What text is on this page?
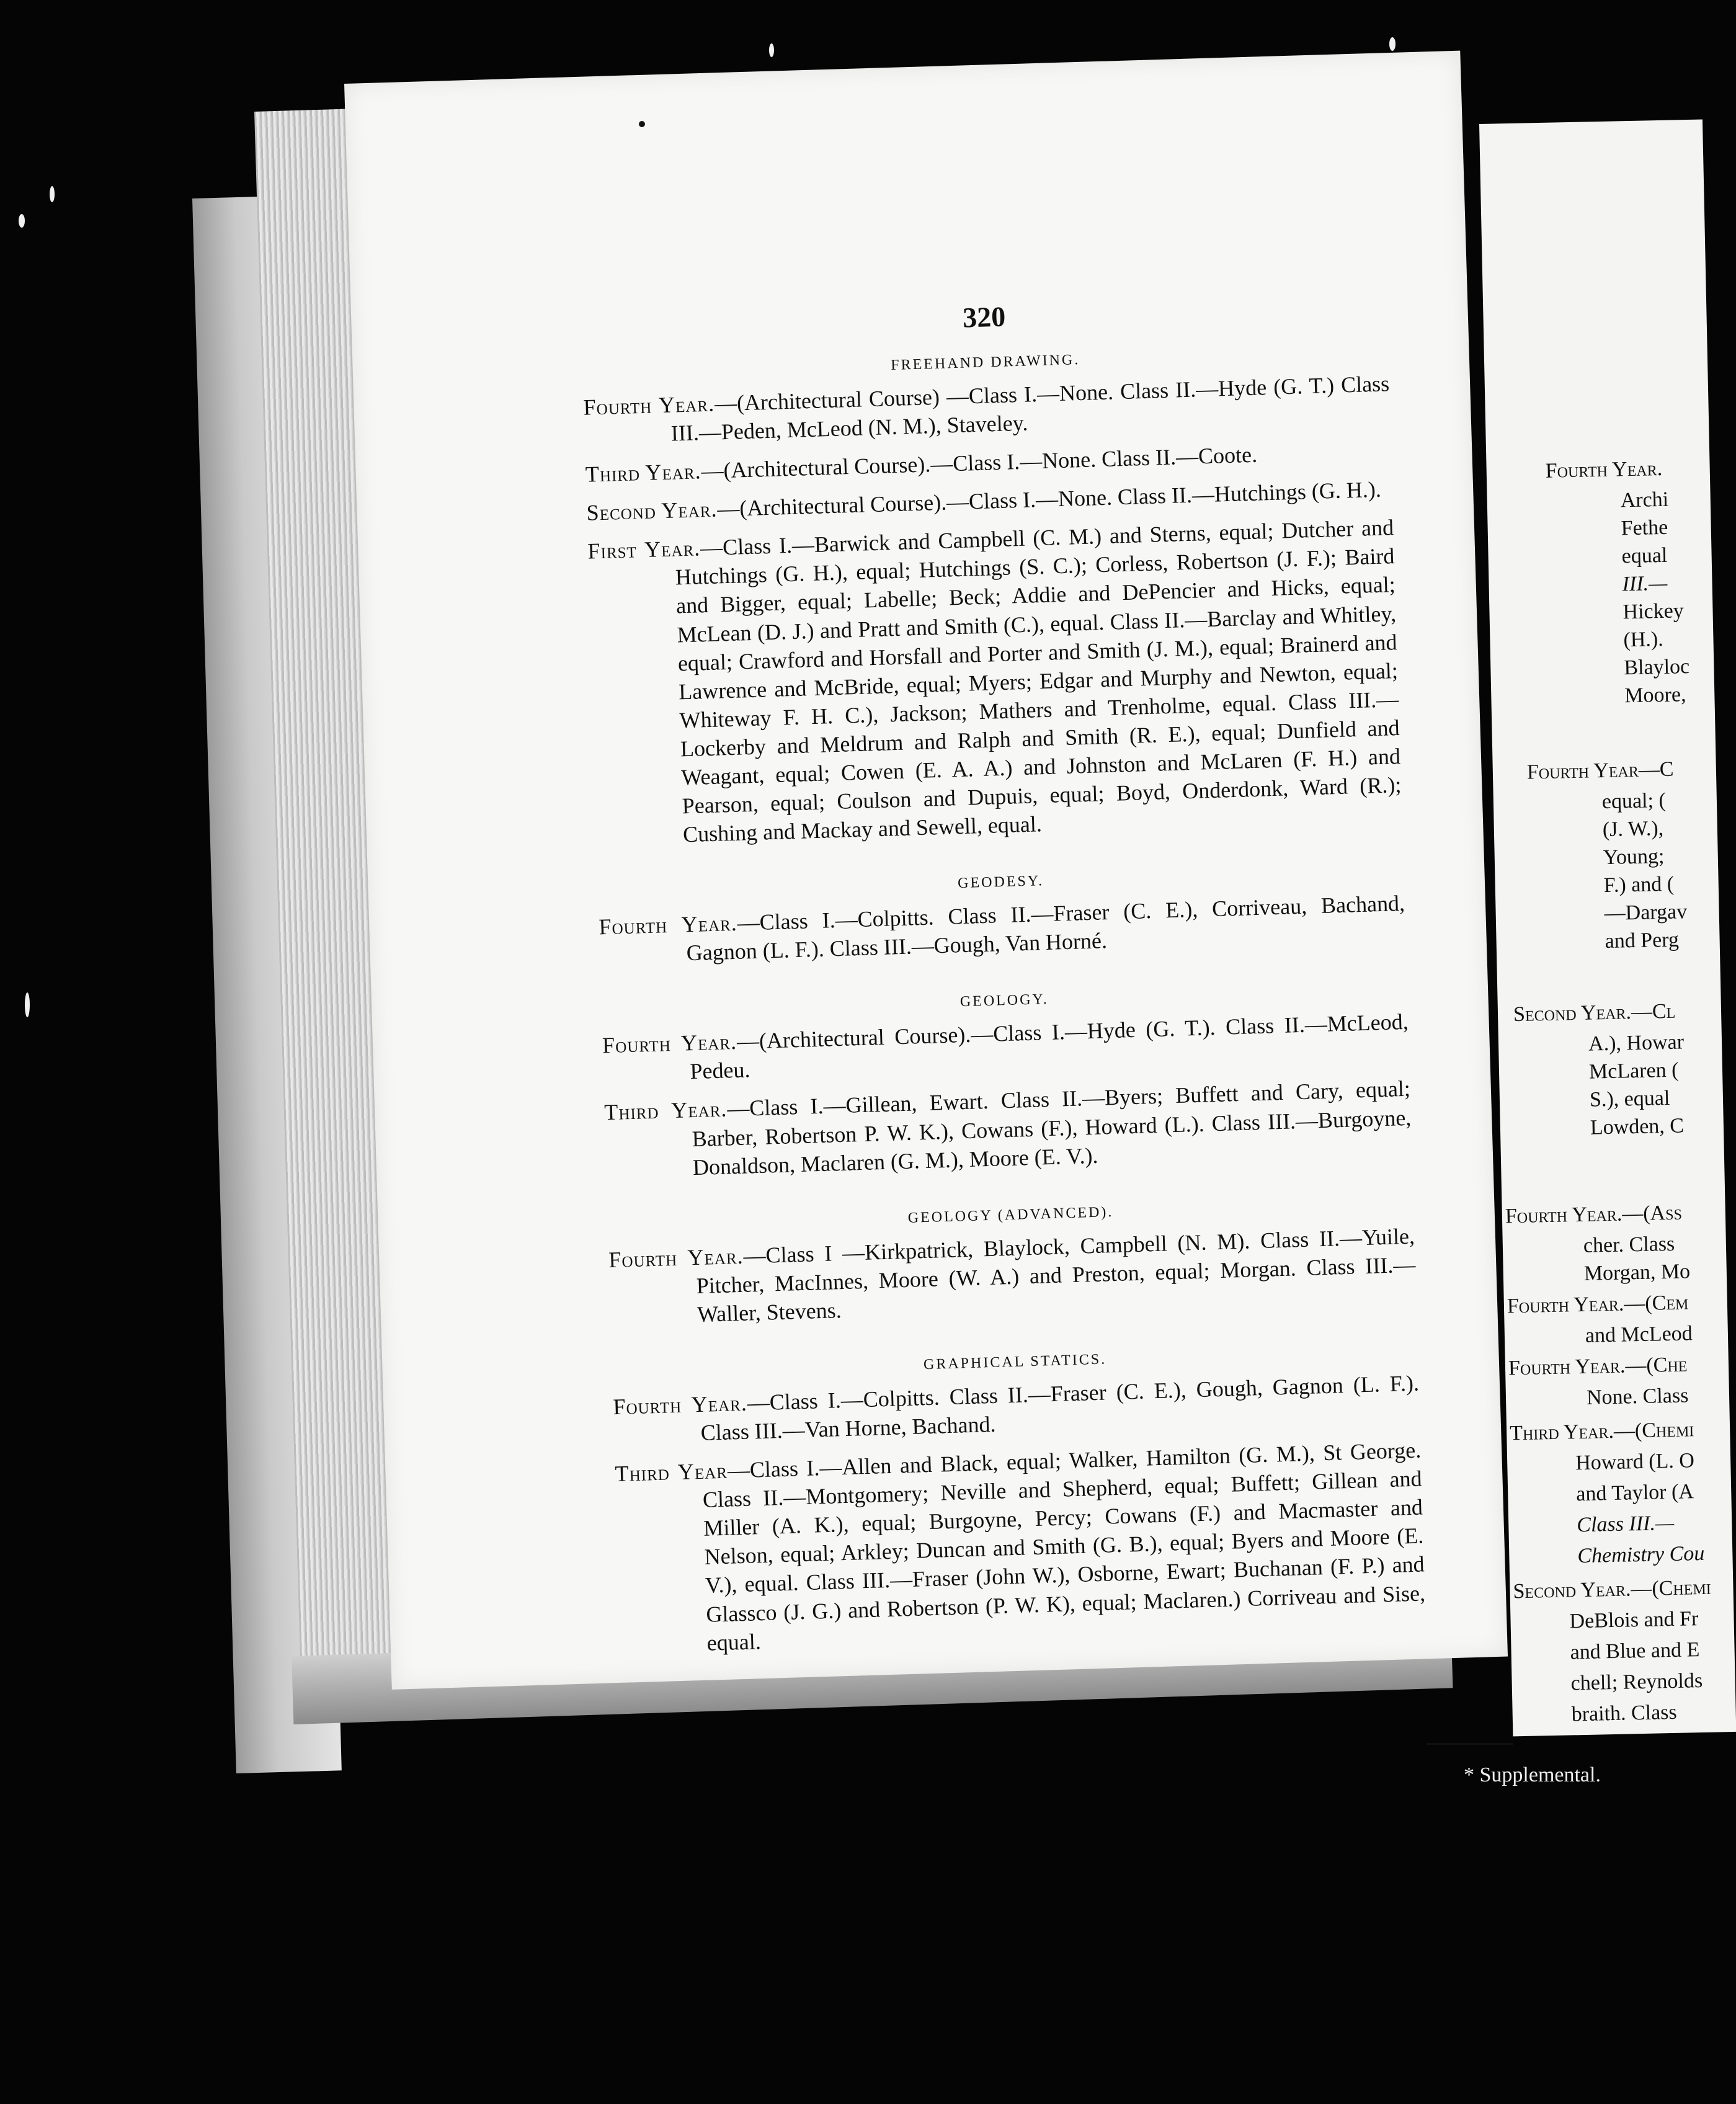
320
FREEHAND DRAWING.

Fourth Year.—(Architectural Course) —Class I.—None. Class II.—Hyde (G. T.) Class III.—Peden, McLeod (N. M.), Staveley.

Third Year.—(Architectural Course).—Class I.—None. Class II.—Coote.

Second Year.—(Architectural Course).—Class I.—None. Class II.—Hutchings (G. H.).

First Year.—Class I.—Barwick and Campbell (C. M.) and Sterns, equal; Dutcher and Hutchings (G. H.), equal; Hutchings (S. C.); Corless, Robertson (J. F.); Baird and Bigger, equal; Labelle; Beck; Addie and DePencier and Hicks, equal; McLean (D. J.) and Pratt and Smith (C.), equal. Class II.—Barclay and Whitley, equal; Crawford and Horsfall and Porter and Smith (J. M.), equal; Brainerd and Lawrence and McBride, equal; Myers; Edgar and Murphy and Newton, equal; Whiteway F. H. C.), Jackson; Mathers and Trenholme, equal. Class III.—Lockerby and Meldrum and Ralph and Smith (R. E.), equal; Dunfield and Weagant, equal; Cowen (E. A. A.) and Johnston and McLaren (F. H.) and Pearson, equal; Coulson and Dupuis, equal; Boyd, Onderdonk, Ward (R.); Cushing and Mackay and Sewell, equal.

GEODESY.

Fourth Year.—Class I.—Colpitts. Class II.—Fraser (C. E.), Corriveau, Bachand, Gagnon (L. F.). Class III.—Gough, Van Horné.

GEOLOGY.

Fourth Year.—(Architectural Course).—Class I.—Hyde (G. T.). Class II.—McLeod, Pedeu.

Third Year.—Class I.—Gillean, Ewart. Class II.—Byers; Buffett and Cary, equal; Barber, Robertson P. W. K.), Cowans (F.), Howard (L.). Class III.—Burgoyne, Donaldson, Maclaren (G. M.), Moore (E. V.).

GEOLOGY (ADVANCED).

Fourth Year.—Class I —Kirkpatrick, Blaylock, Campbell (N. M). Class II.—Yuile, Pitcher, MacInnes, Moore (W. A.) and Preston, equal; Morgan. Class III.—Waller, Stevens.

GRAPHICAL STATICS.

Fourth Year.—Class I.—Colpitts. Class II.—Fraser (C. E.), Gough, Gagnon (L. F.). Class III.—Van Horne, Bachand.

Third Year—Class I.—Allen and Black, equal; Walker, Hamilton (G. M.), St George. Class II.—Montgomery; Neville and Shepherd, equal; Buffett; Gillean and Miller (A. K.), equal; Burgoyne, Percy; Cowans (F.) and Macmaster and Nelson, equal; Arkley; Duncan and Smith (G. B.), equal; Byers and Moore (E. V.), equal. Class III.—Fraser (John W.), Osborne, Ewart; Buchanan (F. P.) and Glassco (J. G.) and Robertson (P. W. K), equal; Maclaren.) Corriveau and Sise, equal.

Fourth Year.
Archi
Fethe
equal
III.—
Hickey
(H.).
Blayloc
Moore,
Fourth Year—C
equal; (
(J. W.),
Young;
F.) and (
—Dargav
and Perg
Second Year.—Cl
A.), Howar
McLaren (
S.), equal
Lowden, C
Fourth Year.—(Ass
cher. Class
Morgan, Mo
Fourth Year.—(Cem
and McLeod
Fourth Year.—(Che
None. Class
Third Year.—(Chemi
Howard (L. O
and Taylor (A
Class III.—
Chemistry Cou
Second Year.—(Chemi
DeBlois and Fr
and Blue and E
chell; Reynolds
braith. Class
* Supplemental.
